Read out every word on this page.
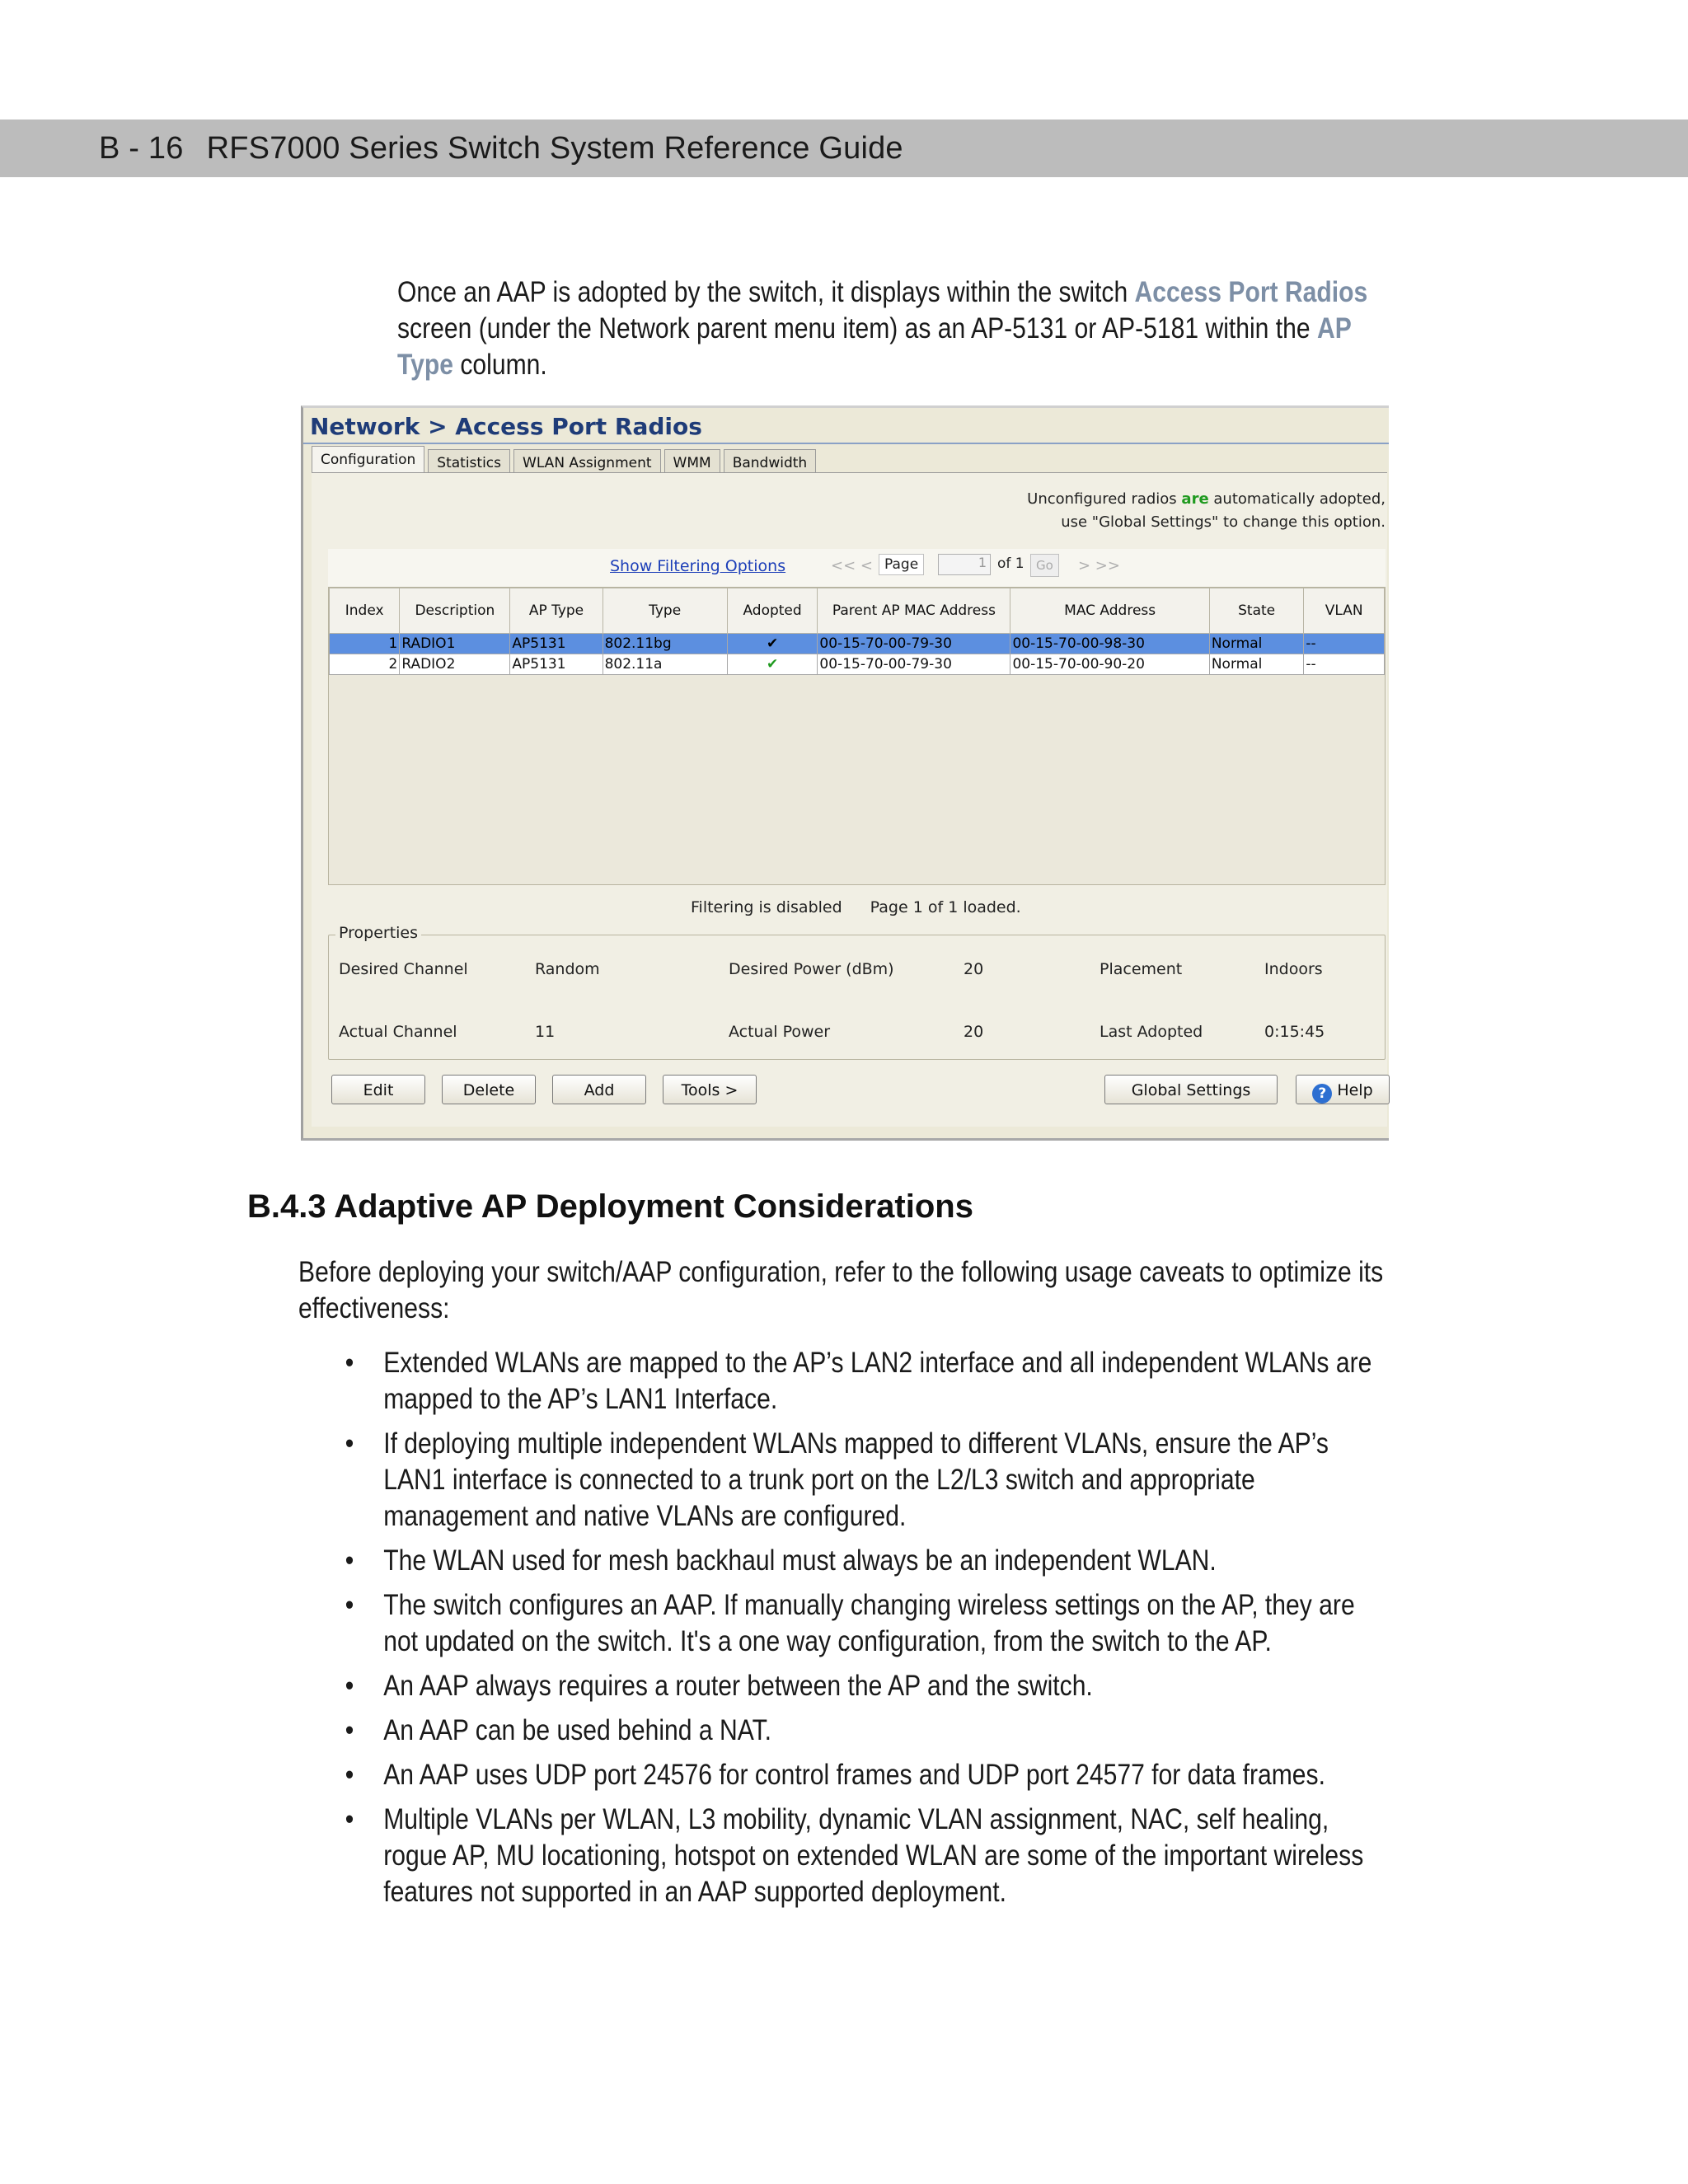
B - 16 RFS7000 Series Switch System Reference Guide
Once an AAP is adopted by the switch, it displays within the switch Access Port Radios screen (under the Network parent menu item) as an AP-5131 or AP-5181 within the AP Type column.
Network > Access Port Radios
Configuration	Statistics	WLAN Assignment	WMM	Bandwidth
Unconfigured radios are automatically adopted,
use "Global Settings" to change this option.
Show Filtering Options	<< < Page	1 of 1 Go	> >>
Index	Description	AP Type	Type	Adopted	Parent AP MAC Address	MAC Address	State	VLAN
1	RADIO1	AP5131	802.11bg	✔	00-15-70-00-79-30	00-15-70-00-98-30	Normal	--
2	RADIO2	AP5131	802.11a	✔	00-15-70-00-79-30	00-15-70-00-90-20	Normal	--
Filtering is disabled Page 1 of 1 loaded.
Properties
Desired Channel	Random	Desired Power (dBm)	20	Placement	Indoors
Actual Channel	11	Actual Power	20	Last Adopted	0:15:45
Edit	Delete	Add	Tools >	Global Settings	? Help
B.4.3 Adaptive AP Deployment Considerations
Before deploying your switch/AAP configuration, refer to the following usage caveats to optimize its effectiveness:
• Extended WLANs are mapped to the AP’s LAN2 interface and all independent WLANs are mapped to the AP’s LAN1 Interface.
• If deploying multiple independent WLANs mapped to different VLANs, ensure the AP’s LAN1 interface is connected to a trunk port on the L2/L3 switch and appropriate management and native VLANs are configured.
• The WLAN used for mesh backhaul must always be an independent WLAN.
• The switch configures an AAP. If manually changing wireless settings on the AP, they are not updated on the switch. It's a one way configuration, from the switch to the AP.
• An AAP always requires a router between the AP and the switch.
• An AAP can be used behind a NAT.
• An AAP uses UDP port 24576 for control frames and UDP port 24577 for data frames.
• Multiple VLANs per WLAN, L3 mobility, dynamic VLAN assignment, NAC, self healing, rogue AP, MU locationing, hotspot on extended WLAN are some of the important wireless features not supported in an AAP supported deployment.
